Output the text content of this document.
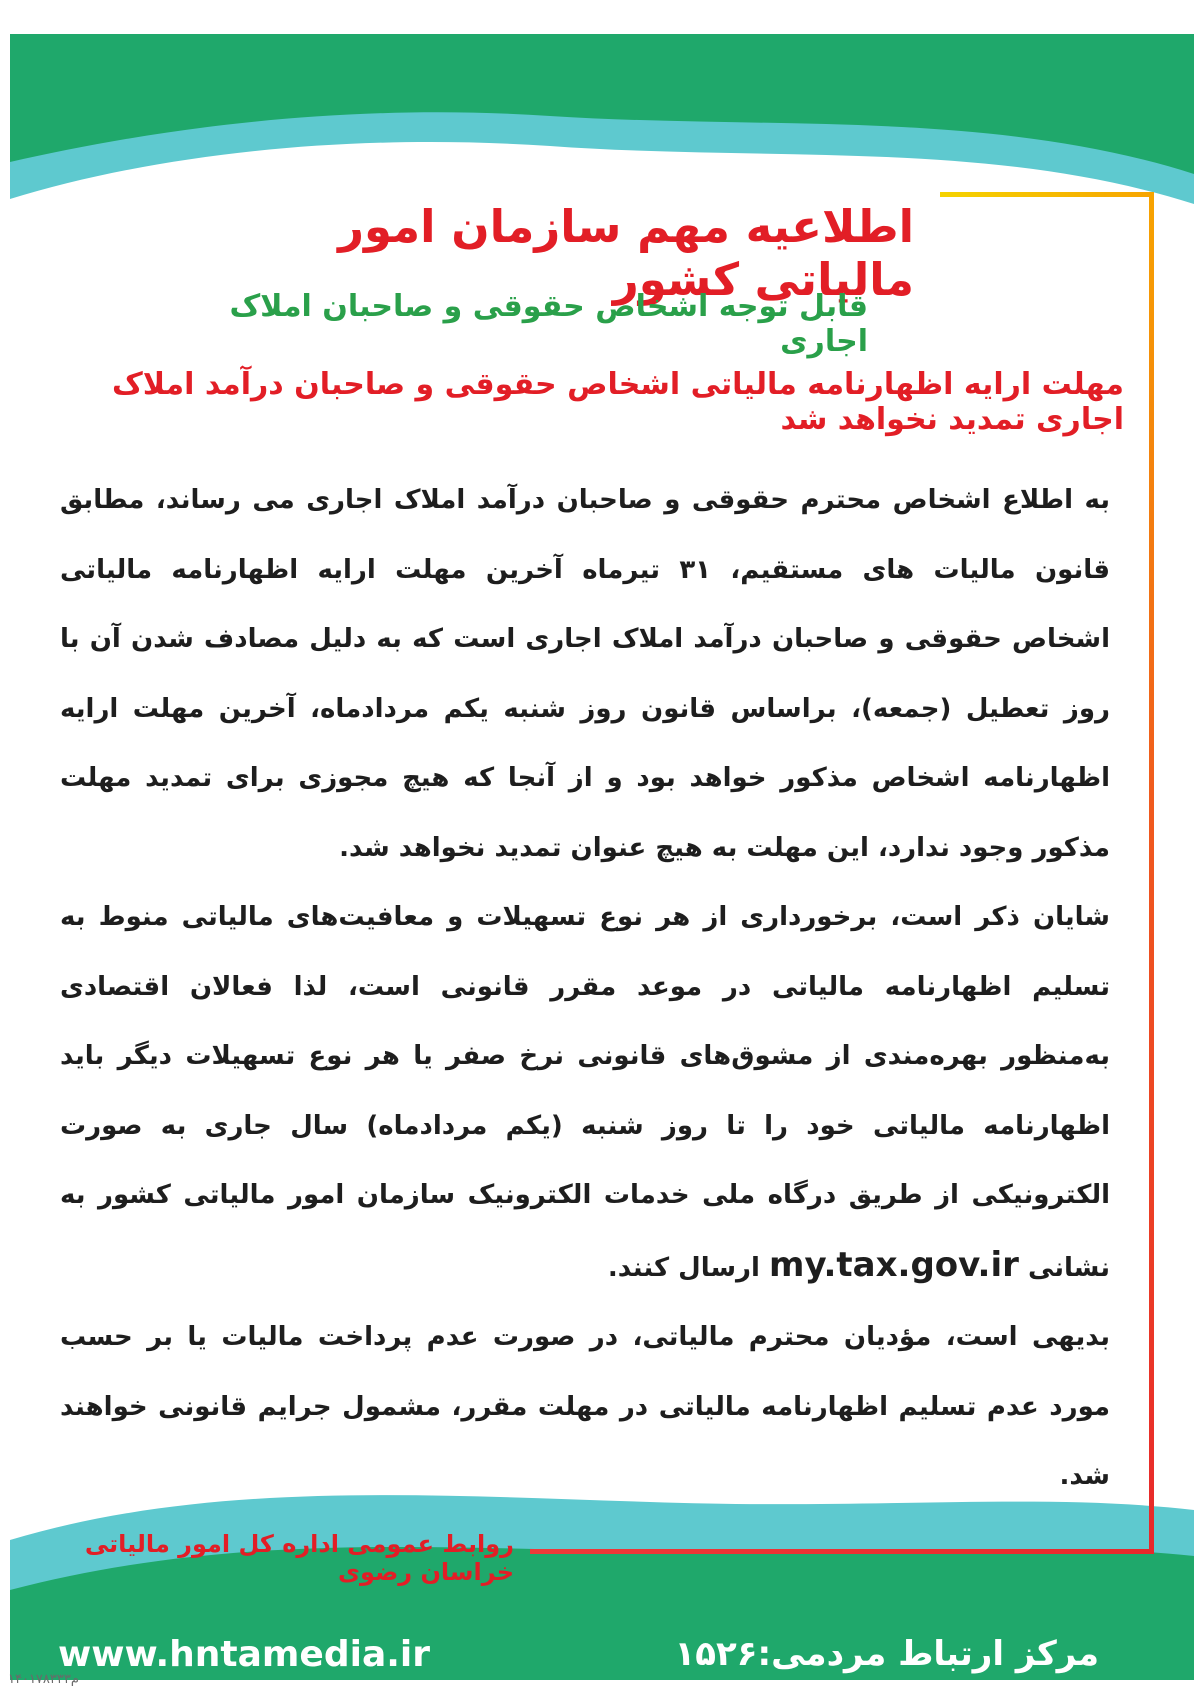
اطلاعیه مهم سازمان امور مالیاتی کشور
قابل توجه اشخاص حقوقی و صاحبان املاک اجاری
مهلت ارایه اظهارنامه مالیاتی اشخاص حقوقی و صاحبان درآمد املاک اجاری تمدید نخواهد شد

به اطلاع اشخاص محترم حقوقی و صاحبان درآمد املاک اجاری می رساند، مطابق قانون مالیات های مستقیم، ۳۱ تیرماه آخرین مهلت ارایه اظهارنامه مالیاتی اشخاص حقوقی و صاحبان درآمد املاک اجاری است که به دلیل مصادف شدن آن با روز تعطیل (جمعه)، براساس قانون روز شنبه یکم مردادماه، آخرین مهلت ارایه اظهارنامه اشخاص مذکور خواهد بود و از آنجا که هیچ مجوزی برای تمدید مهلت مذکور وجود ندارد، این مهلت به هیچ عنوان تمدید نخواهد شد.

شایان ذکر است، برخورداری از هر نوع تسهیلات و معافیت‌های مالیاتی منوط به تسلیم اظهارنامه مالیاتی در موعد مقرر قانونی است، لذا فعالان اقتصادی به‌منظور بهره‌مندی از مشوق‌های قانونی نرخ صفر یا هر نوع تسهیلات دیگر باید اظهارنامه مالیاتی خود را تا روز شنبه (یکم مردادماه) سال جاری به صورت الکترونیکی از طریق درگاه ملی خدمات الکترونیک سازمان امور مالیاتی کشور به نشانی my.tax.gov.ir ارسال کنند.

بدیهی است، مؤدیان محترم مالیاتی، در صورت عدم پرداخت مالیات یا بر حسب مورد عدم تسلیم اظهارنامه مالیاتی در مهلت مقرر، مشمول جرایم قانونی خواهند شد.

روابط عمومی اداره کل امور مالیاتی خراسان رضوی
مرکز ارتباط مردمی:۱۵۲۶
www.hntamedia.ir
م۱۴۰۱۷۸۳۳۳
